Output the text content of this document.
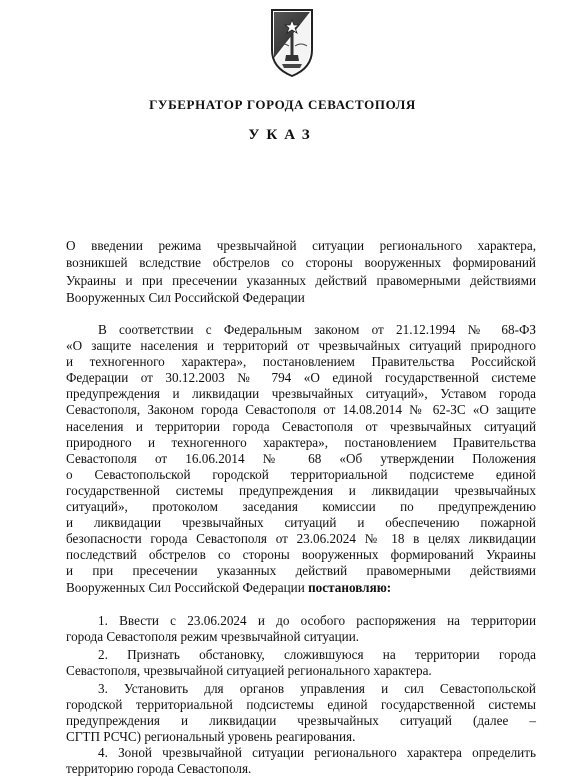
ГУБЕРНАТОР ГОРОДА СЕВАСТОПОЛЯ
УКАЗ
О введении режима чрезвычайной ситуации регионального характера,
возникшей вследствие обстрелов со стороны вооруженных формирований
Украины и при пресечении указанных действий правомерными действиями
Вооруженных Сил Российской Федерации
В соответствии с Федеральным законом от 21.12.1994 № 68-ФЗ
«О защите населения и территорий от чрезвычайных ситуаций природного
и техногенного характера», постановлением Правительства Российской
Федерации от 30.12.2003 № 794 «О единой государственной системе
предупреждения и ликвидации чрезвычайных ситуаций», Уставом города
Севастополя, Законом города Севастополя от 14.08.2014 № 62-ЗС «О защите
населения и территории города Севастополя от чрезвычайных ситуаций
природного и техногенного характера», постановлением Правительства
Севастополя от 16.06.2014 № 68 «Об утверждении Положения
о Севастопольской городской территориальной подсистеме единой
государственной системы предупреждения и ликвидации чрезвычайных
ситуаций», протоколом заседания комиссии по предупреждению
и ликвидации чрезвычайных ситуаций и обеспечению пожарной
безопасности города Севастополя от 23.06.2024 № 18 в целях ликвидации
последствий обстрелов со стороны вооруженных формирований Украины
и при пресечении указанных действий правомерными действиями
Вооруженных Сил Российской Федерации постановляю:
1. Ввести с 23.06.2024 и до особого распоряжения на территории
города Севастополя режим чрезвычайной ситуации.
2. Признать обстановку, сложившуюся на территории города
Севастополя, чрезвычайной ситуацией регионального характера.
3. Установить для органов управления и сил Севастопольской
городской территориальной подсистемы единой государственной системы
предупреждения и ликвидации чрезвычайных ситуаций (далее –
СГТП РСЧС) региональный уровень реагирования.
4. Зоной чрезвычайной ситуации регионального характера определить
территорию города Севастополя.
